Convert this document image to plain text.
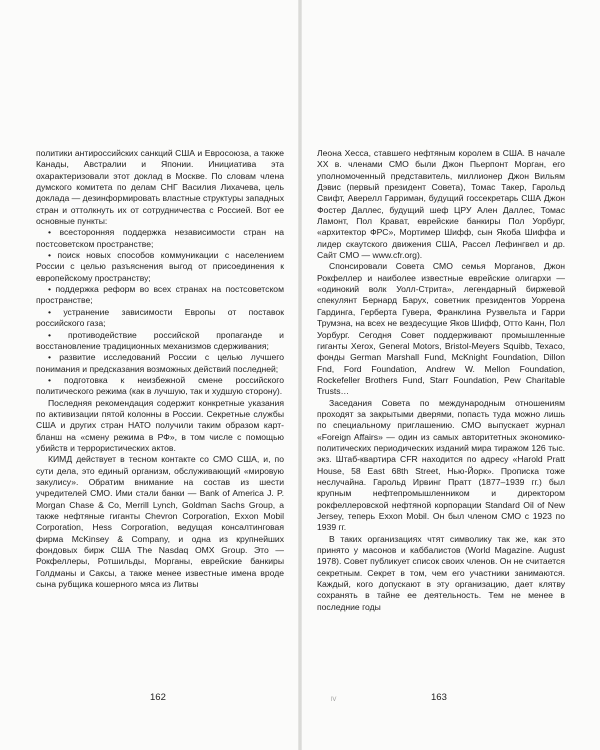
политики антироссийских санкций США и Евросоюза, а также Канады, Австралии и Японии. Инициатива эта охарактеризовали этот доклад в Москве. По словам члена думского комитета по делам СНГ Василия Лихачева, цель доклада — дезинформировать властные структуры западных стран и оттолкнуть их от сотрудничества с Россией. Вот ее основные пункты:

• всесторонняя поддержка независимости стран на постсоветском пространстве;

• поиск новых способов коммуникации с населением России с целью разъяснения выгод от присоединения к европейскому пространству;

• поддержка реформ во всех странах на постсоветском пространстве;

• устранение зависимости Европы от поставок российского газа;

• противодействие российской пропаганде и восстановление традиционных механизмов сдерживания;

• развитие исследований России с целью лучшего понимания и предсказания возможных действий последней;

• подготовка к неизбежной смене российского политического режима (как в лучшую, так и худшую сторону).

Последняя рекомендация содержит конкретные указания по активизации пятой колонны в России. Секретные службы США и других стран НАТО получили таким образом карт-бланш на «смену режима в РФ», в том числе с помощью убийств и террористических актов.

КИМД действует в тесном контакте со СМО США, и, по сути дела, это единый организм, обслуживающий «мировую закулису». Обратим внимание на состав из шести учредителей СМО. Ими стали банки — Bank of America J. P. Morgan Chase & Co, Merrill Lynch, Goldman Sachs Group, а также нефтяные гиганты Chevron Corporation, Exxon Mobil Corporation, Hess Corporation, ведущая консалтинговая фирма McKinsey & Company, и одна из крупнейших фондовых бирж США The Nasdaq OMX Group. Это — Рокфеллеры, Ротшильды, Морганы, еврейские банкиры Голдманы и Саксы, а также менее известные имена вроде сына рубщика кошерного мяса из Литвы

162

Леона Хесса, ставшего нефтяным королем в США. В начале XX в. членами СМО были Джон Пьерпонт Морган, его уполномоченный представитель, миллионер Джон Вильям Дэвис (первый президент Совета), Томас Такер, Гарольд Свифт, Аверелл Гарриман, будущий госсекретарь США Джон Фостер Даллес, будущий шеф ЦРУ Ален Даллес, Томас Ламонт, Пол Кравaт, еврейские банкиры Пол Уорбург, «архитектор ФРС», Мортимер Шифф, сын Якоба Шиффа и лидер скаутского движения США, Рассел Лефингвел и др. Сайт СМО — www.cfr.org).

Спонсировали Совета СМО семья Морганов, Джон Рокфеллер и наиболее известные еврейские олигархи — «одинокий волк Уолл-Стрита», легендарный биржевой спекулянт Бернард Барух, советник президентов Уоррена Гардинга, Герберта Гувера, Франклина Рузвельта и Гарри Трумэна, на всех не вездесущие Яков Шифф, Отто Канн, Пол Уорбург. Сегодня Совет поддерживают промышленные гиганты Xerox, General Motors, Bristol-Meyers Squibb, Texaco, фонды German Marshall Fund, McKnight Foundation, Dillon Fnd, Ford Foundation, Andrew W. Mellon Foundation, Rockefeller Brothers Fund, Starr Foundation, Pew Charitable Trusts…

Заседания Совета по международным отношениям проходят за закрытыми дверями, попасть туда можно лишь по специальному приглашению. СМО выпускает журнал «Foreign Affairs» — один из самых авторитетных экономико-политических периодических изданий мира тиражом 126 тыс. экз. Штаб-квартира CFR находится по адресу «Harold Pratt House, 58 East 68th Street, Нью-Йорк». Прописка тоже неслучайна. Гарольд Ирвинг Пратт (1877–1939 гг.) был крупным нефтепромышленником и директором рокфеллеровской нефтяной корпорации Standard Oil of New Jersey, теперь Exxon Mobil. Он был членом СМО с 1923 по 1939 гг.

В таких организациях чтят символику так же, как это принято у масонов и каббалистов (World Magazine. August 1978). Совет публикует список своих членов. Он не считается секретным. Секрет в том, чем его участники занимаются. Каждый, кого допускают в эту организацию, дает клятву сохранять в тайне ее деятельность. Тем не менее в последние годы

lV	163
